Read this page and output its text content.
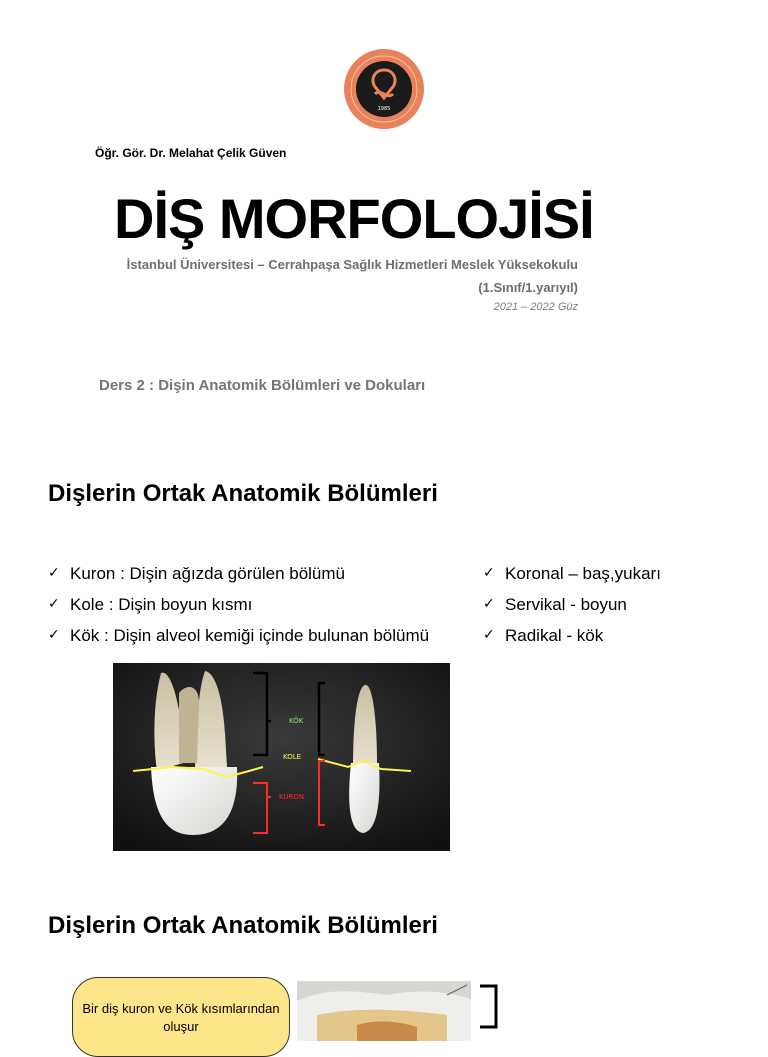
1985
Öğr. Gör. Dr. Melahat Çelik Güven
DİŞ MORFOLOJİSİ
İstanbul Üniversitesi – Cerrahpaşa Sağlık Hizmetleri Meslek Yüksekokulu
(1.Sınıf/1.yarıyıl)
2021 – 2022 Güz
Ders 2 : Dişin Anatomik Bölümleri ve Dokuları
Dişlerin Ortak Anatomik Bölümleri
✓ Kuron : Dişin ağızda görülen bölümü
✓ Kole : Dişin boyun kısmı
✓ Kök : Dişin alveol kemiği içinde bulunan bölümü
✓ Koronal – baş,yukarı
✓ Servikal - boyun
✓ Radikal - kök
KÖK
KOLE
KURON
Dişlerin Ortak Anatomik Bölümleri
Bir diş kuron ve Kök kısımlarından oluşur
